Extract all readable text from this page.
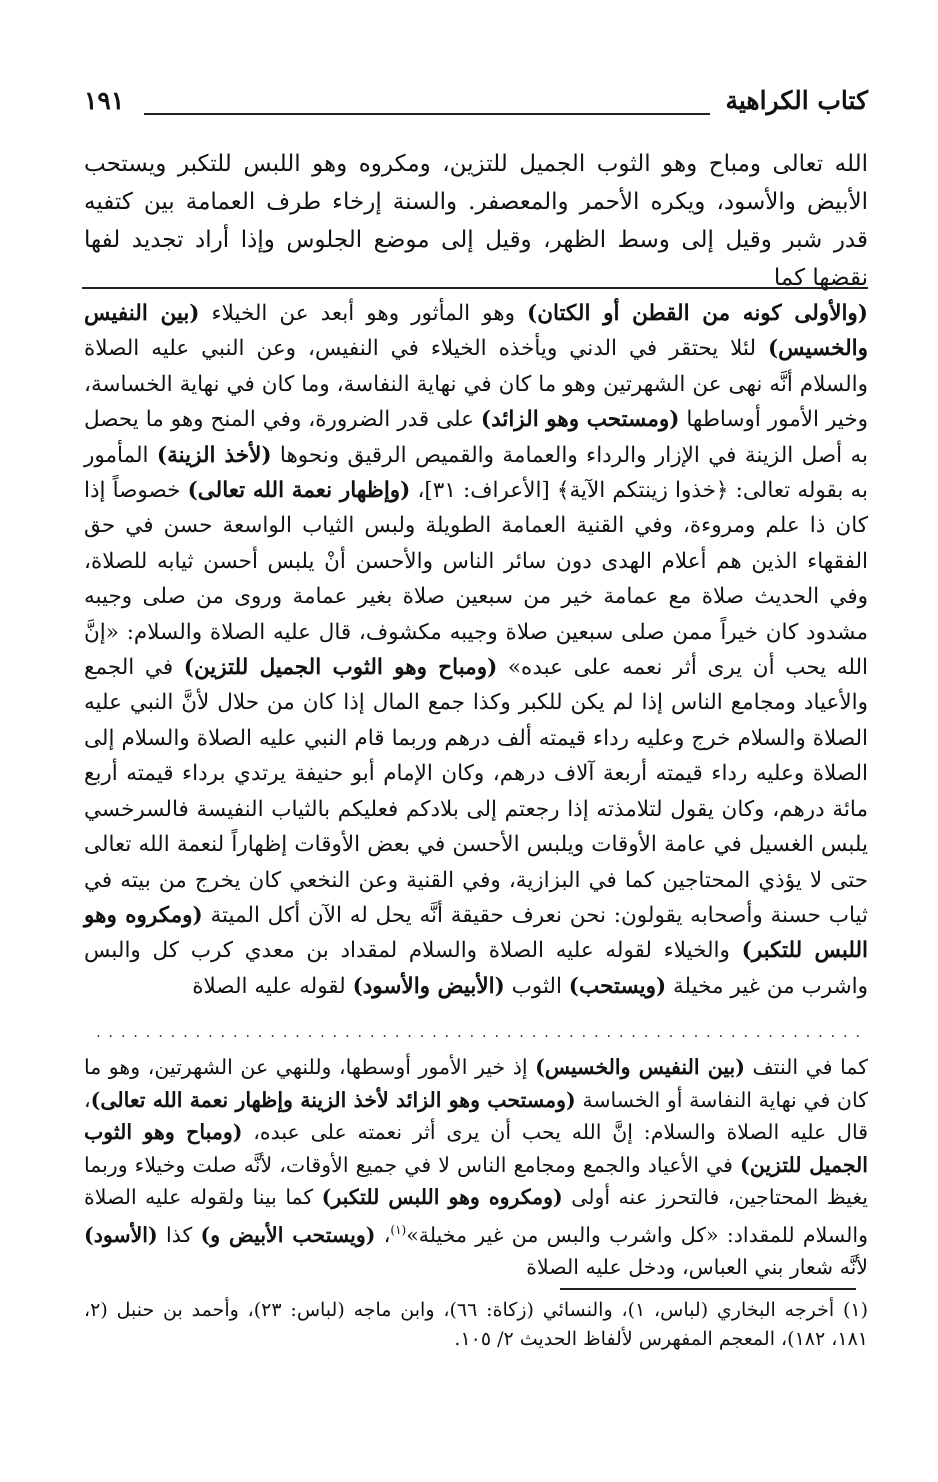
كتاب الكراهية
١٩١

الله تعالى ومباح وهو الثوب الجميل للتزين، ومكروه وهو اللبس للتكبر ويستحب الأبيض والأسود، ويكره الأحمر والمعصفر. والسنة إرخاء طرف العمامة بين كتفيه قدر شبر وقيل إلى وسط الظهر، وقيل إلى موضع الجلوس وإذا أراد تجديد لفها نقضها كما

(والأولى كونه من القطن أو الكتان) وهو المأثور وهو أبعد عن الخيلاء (بين النفيس والخسيس) لئلا يحتقر في الدني ويأخذه الخيلاء في النفيس، وعن النبي عليه الصلاة والسلام أنَّه نهى عن الشهرتين وهو ما كان في نهاية النفاسة، وما كان في نهاية الخساسة، وخير الأمور أوساطها (ومستحب وهو الزائد) على قدر الضرورة، وفي المنح وهو ما يحصل به أصل الزينة في الإزار والرداء والعمامة والقميص الرقيق ونحوها (لأخذ الزينة) المأمور به بقوله تعالى: ﴿خذوا زينتكم الآية﴾ [الأعراف: ٣١]، (وإظهار نعمة الله تعالى) خصوصاً إذا كان ذا علم ومروءة، وفي القنية العمامة الطويلة ولبس الثياب الواسعة حسن في حق الفقهاء الذين هم أعلام الهدى دون سائر الناس والأحسن أنْ يلبس أحسن ثيابه للصلاة، وفي الحديث صلاة مع عمامة خير من سبعين صلاة بغير عمامة وروى من صلى وجيبه مشدود كان خيراً ممن صلى سبعين صلاة وجيبه مكشوف، قال عليه الصلاة والسلام: «إنَّ الله يحب أن يرى أثر نعمه على عبده» (ومباح وهو الثوب الجميل للتزين) في الجمع والأعياد ومجامع الناس إذا لم يكن للكبر وكذا جمع المال إذا كان من حلال لأنَّ النبي عليه الصلاة والسلام خرج وعليه رداء قيمته ألف درهم وربما قام النبي عليه الصلاة والسلام إلى الصلاة وعليه رداء قيمته أربعة آلاف درهم، وكان الإمام أبو حنيفة يرتدي برداء قيمته أربع مائة درهم، وكان يقول لتلامذته إذا رجعتم إلى بلادكم فعليكم بالثياب النفيسة فالسرخسي يلبس الغسيل في عامة الأوقات ويلبس الأحسن في بعض الأوقات إظهاراً لنعمة الله تعالى حتى لا يؤذي المحتاجين كما في البزازية، وفي القنية وعن النخعي كان يخرج من بيته في ثياب حسنة وأصحابه يقولون: نحن نعرف حقيقة أنَّه يحل له الآن أكل الميتة (ومكروه وهو اللبس للتكبر) والخيلاء لقوله عليه الصلاة والسلام لمقداد بن معدي كرب كل والبس واشرب من غير مخيلة (ويستحب) الثوب (الأبيض والأسود) لقوله عليه الصلاة

..............................................................

كما في النتف (بين النفيس والخسيس) إذ خير الأمور أوسطها، وللنهي عن الشهرتين، وهو ما كان في نهاية النفاسة أو الخساسة (ومستحب وهو الزائد لأخذ الزينة وإظهار نعمة الله تعالى)، قال عليه الصلاة والسلام: إنَّ الله يحب أن يرى أثر نعمته على عبده، (ومباح وهو الثوب الجميل للتزين) في الأعياد والجمع ومجامع الناس لا في جميع الأوقات، لأنَّه صلت وخيلاء وربما يغيظ المحتاجين، فالتحرز عنه أولى (ومكروه وهو اللبس للتكبر) كما بينا ولقوله عليه الصلاة والسلام للمقداد: «كل واشرب والبس من غير مخيلة»$^{(١)}$، (ويستحب الأبيض و) كذا (الأسود) لأنَّه شعار بني العباس، ودخل عليه الصلاة

(١) أخرجه البخاري (لباس، ١)، والنسائي (زكاة: ٦٦)، وابن ماجه (لباس: ٢٣)، وأحمد بن حنبل (٢، ١٨١، ١٨٢)، المعجم المفهرس لألفاظ الحديث ٢/ ١٠٥.
